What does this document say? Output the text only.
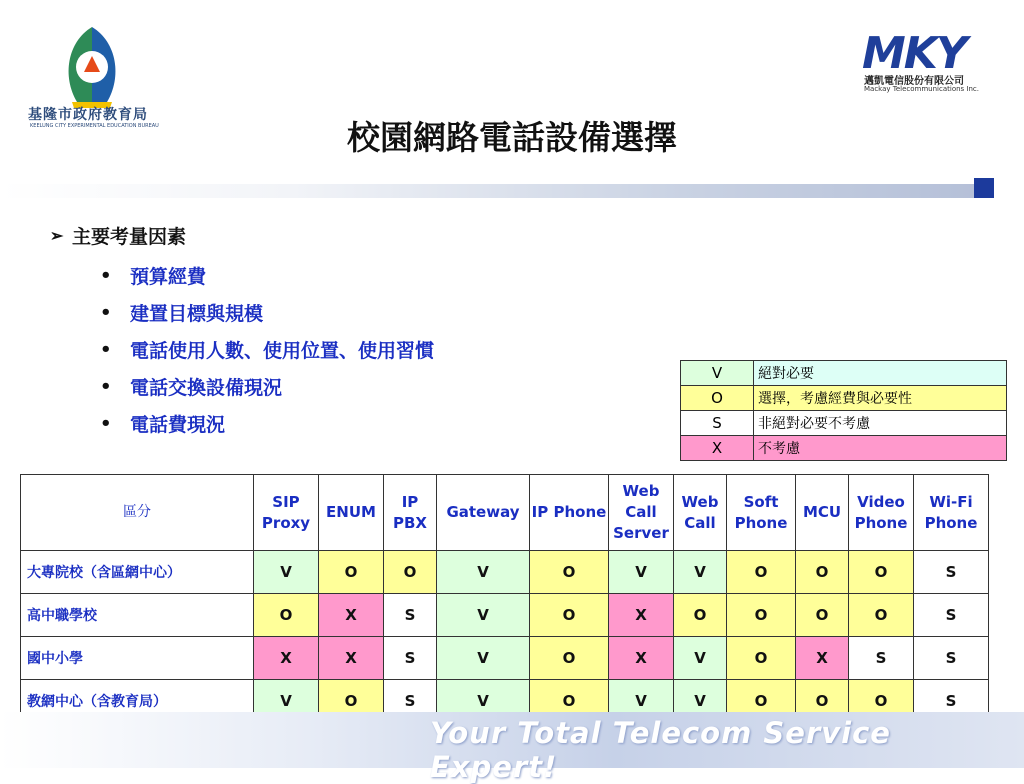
基隆市政府教育局
KEELUNG CITY EXPERIMENTAL EDUCATION BUREAU
MKY
邁凱電信股份有限公司
Mackay Telecommunications Inc.
校園網路電話設備選擇
➢ 主要考量因素
• 預算經費
• 建置目標與規模
• 電話使用人數、使用位置、使用習慣
• 電話交換設備現況
• 電話費現況
V	絕對必要
O	選擇，考慮經費與必要性
S	非絕對必要不考慮
X	不考慮
區分	SIP Proxy	ENUM	IP PBX	Gateway	IP Phone	Web Call Server	Web Call	Soft Phone	MCU	Video Phone	Wi-Fi Phone
大專院校（含區網中心）	V	O	O	V	O	V	V	O	O	O	S
高中職學校	O	X	S	V	O	X	O	O	O	O	S
國中小學	X	X	S	V	O	X	V	O	X	S	S
教網中心（含教育局）	V	O	S	V	O	V	V	O	O	O	S
Your Total Telecom Service Expert!
